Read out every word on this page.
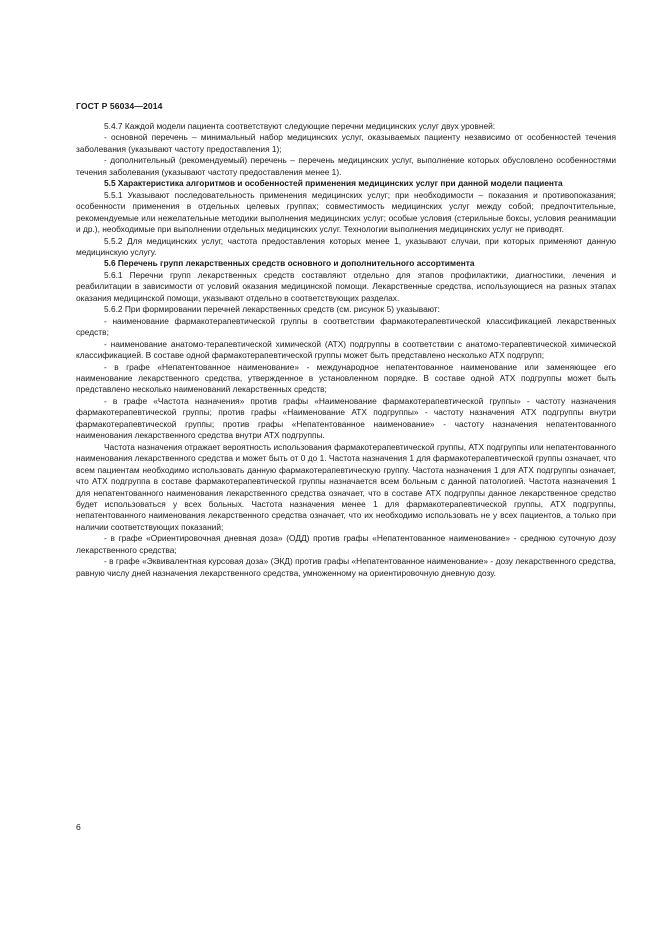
ГОСТ Р 56034—2014

5.4.7 Каждой модели пациента соответствуют следующие перечни медицинских услуг двух уровней:

- основной перечень – минимальный набор медицинских услуг, оказываемых пациенту независимо от особенностей течения заболевания (указывают частоту предоставления 1);

- дополнительный (рекомендуемый) перечень – перечень медицинских услуг, выполнение которых обусловлено особенностями течения заболевания (указывают частоту предоставления менее 1).

5.5 Характеристика алгоритмов и особенностей применения медицинских услуг при данной модели пациента

5.5.1 Указывают последовательность применения медицинских услуг; при необходимости – показания и противопоказания; особенности применения в отдельных целевых группах; совместимость медицинских услуг между собой; предпочтительные, рекомендуемые или нежелательные методики выполнения медицинских услуг; особые условия (стерильные боксы, условия реанимации и др.), необходимые при выполнении отдельных медицинских услуг. Технологии выполнения медицинских услуг не приводят.

5.5.2 Для медицинских услуг, частота предоставления которых менее 1, указывают случаи, при которых применяют данную медицинскую услугу.

5.6 Перечень групп лекарственных средств основного и дополнительного ассортимента

5.6.1 Перечни групп лекарственных средств составляют отдельно для этапов профилактики, диагностики, лечения и реабилитации в зависимости от условий оказания медицинской помощи. Лекарственные средства, использующиеся на разных этапах оказания медицинской помощи, указывают отдельно в соответствующих разделах.

5.6.2 При формировании перечней лекарственных средств (см. рисунок 5) указывают:

- наименование фармакотерапевтической группы в соответствии фармакотерапевтической классификацией лекарственных средств;

- наименование анатомо-терапевтической химической (АТХ) подгруппы в соответствии с анатомо-терапевтической химической классификацией. В составе одной фармакотерапевтической группы может быть представлено несколько АТХ подгрупп;

- в графе «Непатентованное наименование» - международное непатентованное наименование или заменяющее его наименование лекарственного средства, утвержденное в установленном порядке. В составе одной АТХ подгруппы может быть представлено несколько наименований лекарственных средств;

- в графе «Частота назначения» против графы «Наименование фармакотерапевтической группы» - частоту назначения фармакотерапевтической группы; против графы «Наименование АТХ подгруппы» - частоту назначения АТХ подгруппы внутри фармакотерапевтической группы; против графы «Непатентованное наименование» - частоту назначения непатентованного наименования лекарственного средства внутри АТХ подгруппы.

Частота назначения отражает вероятность использования фармакотерапевтической группы, АТХ подгруппы или непатентованного наименования лекарственного средства и может быть от 0 до 1. Частота назначения 1 для фармакотерапевтической группы означает, что всем пациентам необходимо использовать данную фармакотерапевтическую группу. Частота назначения 1 для АТХ подгруппы означает, что АТХ подгруппа в составе фармакотерапевтической группы назначается всем больным с данной патологией. Частота назначения 1 для непатентованного наименования лекарственного средства означает, что в составе АТХ подгруппы данное лекарственное средство будет использоваться у всех больных. Частота назначения менее 1 для фармакотерапевтической группы, АТХ подгруппы, непатентованного наименования лекарственного средства означает, что их необходимо использовать не у всех пациентов, а только при наличии соответствующих показаний;

- в графе «Ориентировочная дневная доза» (ОДД) против графы «Непатентованное наименование» - среднюю суточную дозу лекарственного средства;

- в графе «Эквивалентная курсовая доза» (ЭКД) против графы «Непатентованное наименование» - дозу лекарственного средства, равную числу дней назначения лекарственного средства, умноженному на ориентировочную дневную дозу.

6
